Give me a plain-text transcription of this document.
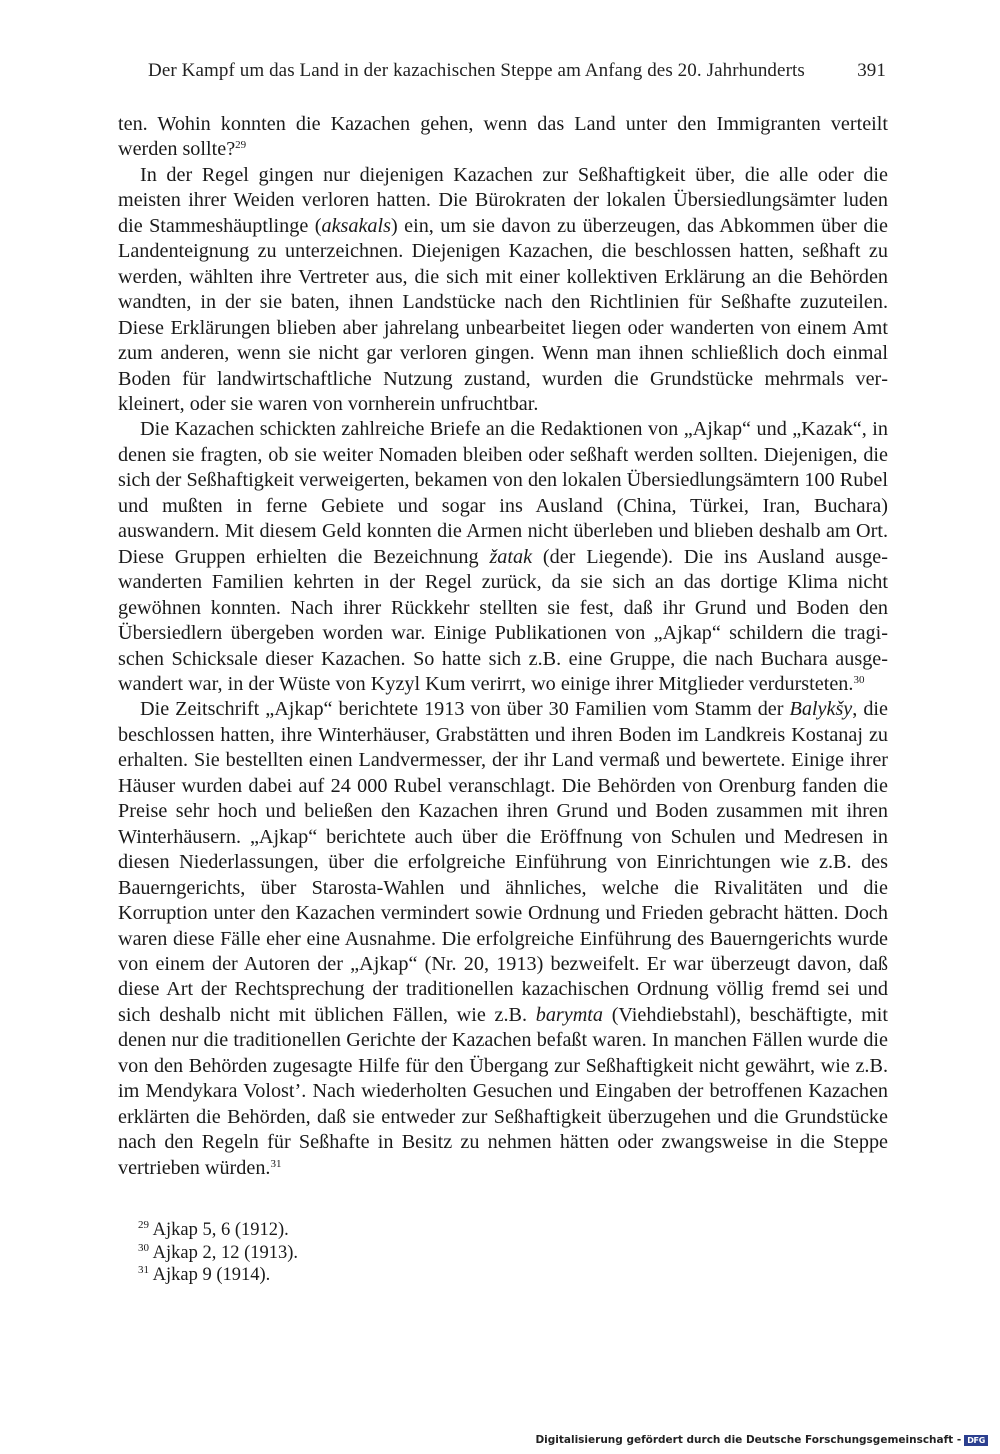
Der Kampf um das Land in der kazachischen Steppe am Anfang des 20. Jahrhunderts	391

ten. Wohin konnten die Kazachen gehen, wenn das Land unter den Immigranten verteilt werden sollte?$^{29}$

In der Regel gingen nur diejenigen Kazachen zur Seßhaftigkeit über, die alle oder die meisten ihrer Weiden verloren hatten. Die Bürokraten der lokalen Übersiedlungsämter luden die Stammeshäuptlinge (aksakals) ein, um sie davon zu überzeugen, das Abkommen über die Landenteignung zu unterzeichnen. Diejenigen Kazachen, die beschlossen hatten, seßhaft zu werden, wählten ihre Vertreter aus, die sich mit einer kollektiven Erklärung an die Behörden wandten, in der sie baten, ihnen Landstücke nach den Richtlinien für Seßhafte zuzuteilen. Diese Erklärungen blieben aber jahrelang unbearbeitet liegen oder wanderten von einem Amt zum anderen, wenn sie nicht gar verloren gingen. Wenn man ihnen schließlich doch einmal Boden für landwirtschaftliche Nutzung zustand, wurden die Grundstücke mehrmals verkleinert, oder sie waren von vornherein unfruchtbar.

Die Kazachen schickten zahlreiche Briefe an die Redaktionen von „Ajkap“ und „Kazak“, in denen sie fragten, ob sie weiter Nomaden bleiben oder seßhaft werden sollten. Diejenigen, die sich der Seßhaftigkeit verweigerten, bekamen von den lokalen Übersiedlungsämtern 100 Rubel und mußten in ferne Gebiete und sogar ins Ausland (China, Türkei, Iran, Buchara) auswandern. Mit diesem Geld konnten die Armen nicht überleben und blieben deshalb am Ort. Diese Gruppen erhielten die Bezeichnung žatak (der Liegende). Die ins Ausland ausgewanderten Familien kehrten in der Regel zurück, da sie sich an das dortige Klima nicht gewöhnen konnten. Nach ihrer Rückkehr stellten sie fest, daß ihr Grund und Boden den Übersiedlern übergeben worden war. Einige Publikationen von „Ajkap“ schildern die tragischen Schicksale dieser Kazachen. So hatte sich z.B. eine Gruppe, die nach Buchara ausgewandert war, in der Wüste von Kyzyl Kum verirrt, wo einige ihrer Mitglieder verdursteten.$^{30}$

Die Zeitschrift „Ajkap“ berichtete 1913 von über 30 Familien vom Stamm der Balykšy, die beschlossen hatten, ihre Winterhäuser, Grabstätten und ihren Boden im Landkreis Kostanaj zu erhalten. Sie bestellten einen Landvermesser, der ihr Land vermaß und bewertete. Einige ihrer Häuser wurden dabei auf 24 000 Rubel veranschlagt. Die Behörden von Orenburg fanden die Preise sehr hoch und beließen den Kazachen ihren Grund und Boden zusammen mit ihren Winterhäusern. „Ajkap“ berichtete auch über die Eröffnung von Schulen und Medresen in diesen Niederlassungen, über die erfolgreiche Einführung von Einrichtungen wie z.B. des Bauerngerichts, über Starosta-Wahlen und ähnliches, welche die Rivalitäten und die Korruption unter den Kazachen vermindert sowie Ordnung und Frieden gebracht hätten. Doch waren diese Fälle eher eine Ausnahme. Die erfolgreiche Einführung des Bauerngerichts wurde von einem der Autoren der „Ajkap“ (Nr. 20, 1913) bezweifelt. Er war überzeugt davon, daß diese Art der Rechtsprechung der traditionellen kazachischen Ordnung völlig fremd sei und sich deshalb nicht mit üblichen Fällen, wie z.B. barymta (Viehdiebstahl), beschäftigte, mit denen nur die traditionellen Gerichte der Kazachen befaßt waren. In manchen Fällen wurde die von den Behörden zugesagte Hilfe für den Übergang zur Seßhaftigkeit nicht gewährt, wie z.B. im Mendykara Volost’. Nach wiederholten Gesuchen und Eingaben der betroffenen Kazachen erklärten die Behörden, daß sie entweder zur Seßhaftigkeit überzugehen und die Grundstücke nach den Regeln für Seßhafte in Besitz zu nehmen hätten oder zwangsweise in die Steppe vertrieben würden.$^{31}$

$^{29}$ Ajkap 5, 6 (1912).
$^{30}$ Ajkap 2, 12 (1913).
$^{31}$ Ajkap 9 (1914).
Digitalisierung gefördert durch die Deutsche Forschungsgemeinschaft - DFG
